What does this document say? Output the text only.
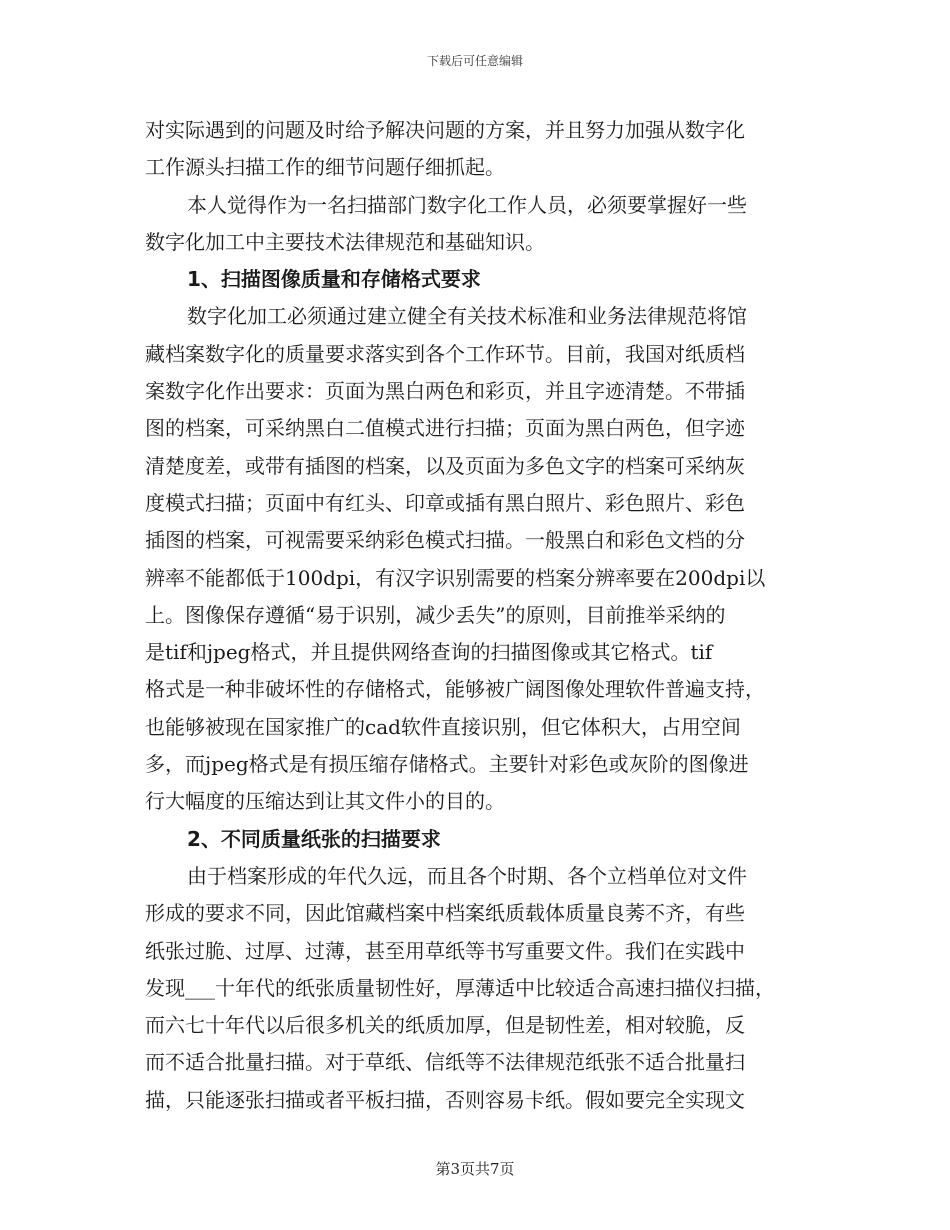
下载后可任意编辑
对实际遇到的问题及时给予解决问题的方案，并且努力加强从数字化
工作源头扫描工作的细节问题仔细抓起。
本人觉得作为一名扫描部门数字化工作人员，必须要掌握好一些
数字化加工中主要技术法律规范和基础知识。
1、扫描图像质量和存储格式要求
数字化加工必须通过建立健全有关技术标准和业务法律规范将馆
藏档案数字化的质量要求落实到各个工作环节。目前，我国对纸质档
案数字化作出要求：页面为黑白两色和彩页，并且字迹清楚。不带插
图的档案，可采纳黑白二值模式进行扫描；页面为黑白两色，但字迹
清楚度差，或带有插图的档案，以及页面为多色文字的档案可采纳灰
度模式扫描；页面中有红头、印章或插有黑白照片、彩色照片、彩色
插图的档案，可视需要采纳彩色模式扫描。一般黑白和彩色文档的分
辨率不能都低于100dpi，有汉字识别需要的档案分辨率要在200dpi以
上。图像保存遵循“易于识别，减少丢失”的原则，目前推举采纳的
是tif和jpeg格式，并且提供网络查询的扫描图像或其它格式。tif
格式是一种非破坏性的存储格式，能够被广阔图像处理软件普遍支持，
也能够被现在国家推广的cad软件直接识别，但它体积大，占用空间
多，而jpeg格式是有损压缩存储格式。主要针对彩色或灰阶的图像进
行大幅度的压缩达到让其文件小的目的。
2、不同质量纸张的扫描要求
由于档案形成的年代久远，而且各个时期、各个立档单位对文件
形成的要求不同，因此馆藏档案中档案纸质载体质量良莠不齐，有些
纸张过脆、过厚、过薄，甚至用草纸等书写重要文件。我们在实践中
发现___十年代的纸张质量韧性好，厚薄适中比较适合高速扫描仪扫描，
而六七十年代以后很多机关的纸质加厚，但是韧性差，相对较脆，反
而不适合批量扫描。对于草纸、信纸等不法律规范纸张不适合批量扫
描，只能逐张扫描或者平板扫描，否则容易卡纸。假如要完全实现文
第3页共7页
